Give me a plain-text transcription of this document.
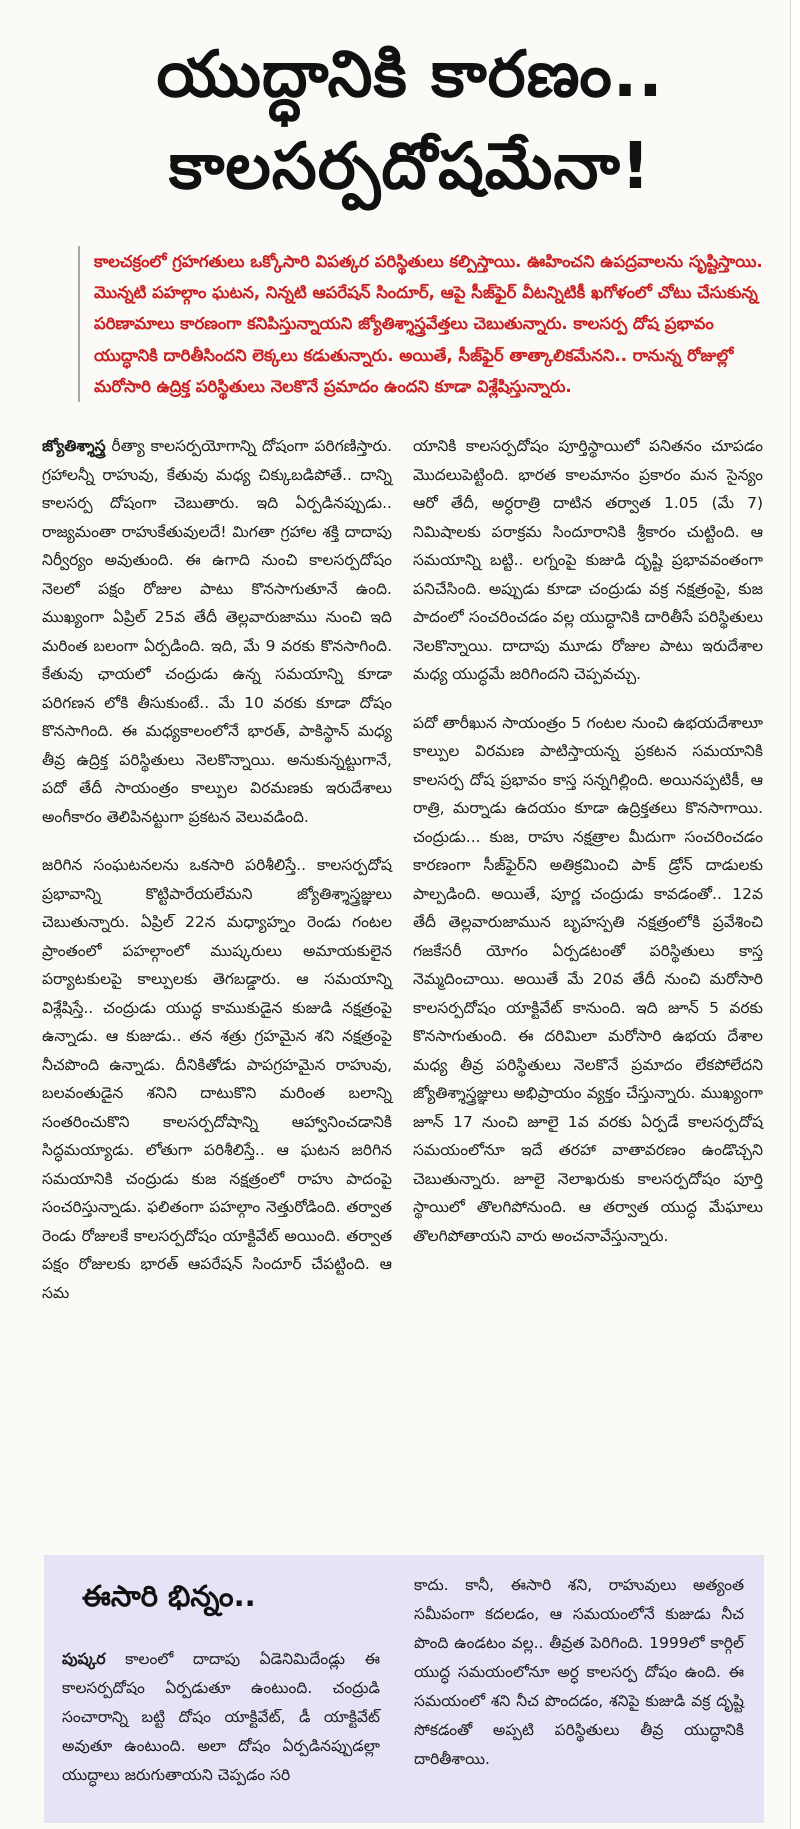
యుద్ధానికి కారణం..
కాలసర్పదోషమేనా!

కాలచక్రంలో గ్రహగతులు ఒక్కోసారి విపత్కర పరిస్థితులు కల్పిస్తాయి. ఊహించని ఉపద్రవాలను సృష్టిస్తాయి. మొన్నటి పహల్గాం ఘటన, నిన్నటి ఆపరేషన్ సిందూర్, ఆపై సీజ్‌ఫైర్ వీటన్నిటికీ ఖగోళంలో చోటు చేసుకున్న పరిణామాలు కారణంగా కనిపిస్తున్నాయని జ్యోతిశ్శాస్త్రవేత్తలు చెబుతున్నారు. కాలసర్ప దోష ప్రభావం యుద్ధానికి దారితీసిందని లెక్కలు కడుతున్నారు. అయితే, సీజ్‌ఫైర్ తాత్కాలికమేనని.. రానున్న రోజుల్లో మరోసారి ఉద్రిక్త పరిస్థితులు నెలకొనే ప్రమాదం ఉందని కూడా విశ్లేషిస్తున్నారు.

జ్యోతిశ్శాస్త్ర రీత్యా కాలసర్పయోగాన్ని దోషంగా పరిగణిస్తారు. గ్రహాలన్నీ రాహువు, కేతువు మధ్య చిక్కుబడిపోతే.. దాన్ని కాలసర్ప దోషంగా చెబుతారు. ఇది ఏర్పడినప్పుడు.. రాజ్యమంతా రాహుకేతువులదే! మిగతా గ్రహాల శక్తి దాదాపు నిర్వీర్యం అవుతుంది. ఈ ఉగాది నుంచి కాలసర్పదోషం నెలలో పక్షం రోజుల పాటు కొనసాగుతూనే ఉంది. ముఖ్యంగా ఏప్రిల్ 25వ తేదీ తెల్లవారుజాము నుంచి ఇది మరింత బలంగా ఏర్పడింది. ఇది, మే 9 వరకు కొనసాగింది. కేతువు ఛాయలో చంద్రుడు ఉన్న సమయాన్ని కూడా పరిగణన లోకి తీసుకుంటే.. మే 10 వరకు కూడా దోషం కొనసాగింది. ఈ మధ్యకాలంలోనే భారత్, పాకిస్థాన్ మధ్య తీవ్ర ఉద్రిక్త పరిస్థితులు నెలకొన్నాయి. అనుకున్నట్టుగానే, పదో తేదీ సాయంత్రం కాల్పుల విరమణకు ఇరుదేశాలు అంగీకారం తెలిపినట్టుగా ప్రకటన వెలువడింది.

జరిగిన సంఘటనలను ఒకసారి పరిశీలిస్తే.. కాలసర్పదోష ప్రభావాన్ని కొట్టిపారేయలేమని జ్యోతిశ్శాస్త్రజ్ఞులు చెబుతున్నారు. ఏప్రిల్ 22న మధ్యాహ్నం రెండు గంటల ప్రాంతంలో పహల్గాంలో ముష్కరులు అమాయకులైన పర్యాటకులపై కాల్పులకు తెగబడ్డారు. ఆ సమయాన్ని విశ్లేషిస్తే.. చంద్రుడు యుద్ధ కాముకుడైన కుజుడి నక్షత్రంపై ఉన్నాడు. ఆ కుజుడు.. తన శత్రు గ్రహమైన శని నక్షత్రంపై నీచపొంది ఉన్నాడు. దీనికితోడు పాపగ్రహమైన రాహువు, బలవంతుడైన శనిని దాటుకొని మరింత బలాన్ని సంతరించుకొని కాలసర్పదోషాన్ని ఆహ్వానించడానికి సిద్ధమయ్యాడు. లోతుగా పరిశీలిస్తే.. ఆ ఘటన జరిగిన సమయానికి చంద్రుడు కుజ నక్షత్రంలో రాహు పాదంపై సంచరిస్తున్నాడు. ఫలితంగా పహల్గాం నెత్తురోడింది. తర్వాత రెండు రోజులకే కాలసర్పదోషం యాక్టివేట్ అయింది. తర్వాత పక్షం రోజులకు భారత్ ఆపరేషన్ సిందూర్ చేపట్టింది. ఆ సమ

యానికి కాలసర్పదోషం పూర్తిస్థాయిలో పనితనం చూపడం మొదలుపెట్టింది. భారత కాలమానం ప్రకారం మన సైన్యం ఆరో తేదీ, అర్ధరాత్రి దాటిన తర్వాత 1.05 (మే 7) నిమిషాలకు పరాక్రమ సిందూరానికి శ్రీకారం చుట్టింది. ఆ సమయాన్ని బట్టి.. లగ్నంపై కుజుడి దృష్టి ప్రభావవంతంగా పనిచేసింది. అప్పుడు కూడా చంద్రుడు వక్ర నక్షత్రంపై, కుజ పాదంలో సంచరించడం వల్ల యుద్ధానికి దారితీసే పరిస్థితులు నెలకొన్నాయి. దాదాపు మూడు రోజుల పాటు ఇరుదేశాల మధ్య యుద్ధమే జరిగిందని చెప్పవచ్చు.

పదో తారీఖున సాయంత్రం 5 గంటల నుంచి ఉభయదేశాలూ కాల్పుల విరమణ పాటిస్తాయన్న ప్రకటన సమయానికి కాలసర్ప దోష ప్రభావం కాస్త సన్నగిల్లింది. అయినప్పటికీ, ఆ రాత్రి, మర్నాడు ఉదయం కూడా ఉద్రిక్తతలు కొనసాగాయి. చంద్రుడు... కుజ, రాహు నక్షత్రాల మీదుగా సంచరించడం కారణంగా సీజ్‌ఫైర్‌ని అతిక్రమించి పాక్ డ్రోన్ దాడులకు పాల్పడింది. అయితే, పూర్ణ చంద్రుడు కావడంతో.. 12వ తేదీ తెల్లవారుజామున బృహస్పతి నక్షత్రంలోకి ప్రవేశించి గజకేసరీ యోగం ఏర్పడటంతో పరిస్థితులు కాస్త నెమ్మదించాయి. అయితే మే 20వ తేదీ నుంచి మరోసారి కాలసర్పదోషం యాక్టివేట్ కానుంది. ఇది జూన్ 5 వరకు కొనసాగుతుంది. ఈ దరిమిలా మరోసారి ఉభయ దేశాల మధ్య తీవ్ర పరిస్థితులు నెలకొనే ప్రమాదం లేకపోలేదని జ్యోతిశ్శాస్త్రజ్ఞులు అభిప్రాయం వ్యక్తం చేస్తున్నారు. ముఖ్యంగా జూన్ 17 నుంచి జూలై 1వ వరకు ఏర్పడే కాలసర్పదోష సమయంలోనూ ఇదే తరహా వాతావరణం ఉండొచ్చని చెబుతున్నారు. జూలై నెలాఖరుకు కాలసర్పదోషం పూర్తి స్థాయిలో తొలగిపోనుంది. ఆ తర్వాత యుద్ధ మేఘాలు తొలగిపోతాయని వారు అంచనావేస్తున్నారు.

ఈసారి భిన్నం..

పుష్కర కాలంలో దాదాపు ఏడెనిమిదేండ్లు ఈ కాలసర్పదోషం ఏర్పడుతూ ఉంటుంది. చంద్రుడి సంచారాన్ని బట్టి దోషం యాక్టివేట్, డీ యాక్టివేట్ అవుతూ ఉంటుంది. అలా దోషం ఏర్పడినప్పుడల్లా యుద్ధాలు జరుగుతాయని చెప్పడం సరి

కాదు. కానీ, ఈసారి శని, రాహువులు అత్యంత సమీపంగా కదలడం, ఆ సమయంలోనే కుజుడు నీచ పొంది ఉండటం వల్ల.. తీవ్రత పెరిగింది. 1999లో కార్గిల్ యుద్ధ సమయంలోనూ అర్ధ కాలసర్ప దోషం ఉంది. ఈ సమయంలో శని నీచ పొందడం, శనిపై కుజుడి వక్ర దృష్టి సోకడంతో అప్పటి పరిస్థితులు తీవ్ర యుద్ధానికి దారితీశాయి.
